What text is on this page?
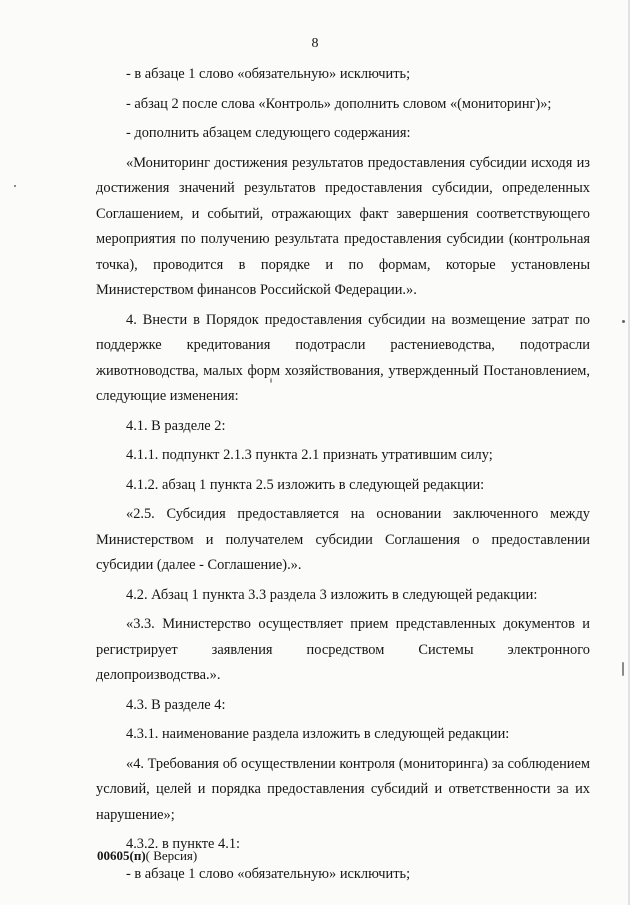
8

- в абзаце 1 слово «обязательную» исключить;

- абзац 2 после слова «Контроль» дополнить словом «(мониторинг)»;

- дополнить абзацем следующего содержания:

«Мониторинг достижения результатов предоставления субсидии исходя из достижения значений результатов предоставления субсидии, определенных Соглашением, и событий, отражающих факт завершения соответствующего мероприятия по получению результата предоставления субсидии (контрольная точка), проводится в порядке и по формам, которые установлены Министерством финансов Российской Федерации.».

4. Внести в Порядок предоставления субсидии на возмещение затрат по поддержке кредитования подотрасли растениеводства, подотрасли животноводства, малых форм хозяйствования, утвержденный Постановлением, следующие изменения:

4.1. В разделе 2:

4.1.1. подпункт 2.1.3 пункта 2.1 признать утратившим силу;

4.1.2. абзац 1 пункта 2.5 изложить в следующей редакции:

«2.5. Субсидия предоставляется на основании заключенного между Министерством и получателем субсидии Соглашения о предоставлении субсидии (далее - Соглашение).».

4.2. Абзац 1 пункта 3.3 раздела 3 изложить в следующей редакции:

«3.3. Министерство осуществляет прием представленных документов и регистрирует заявления посредством Системы электронного делопроизводства.».

4.3. В разделе 4:

4.3.1. наименование раздела изложить в следующей редакции:

«4. Требования об осуществлении контроля (мониторинга) за соблюдением условий, целей и порядка предоставления субсидий и ответственности за их нарушение»;

4.3.2. в пункте 4.1:

- в абзаце 1 слово «обязательную» исключить;

00605(п)( Версия)
